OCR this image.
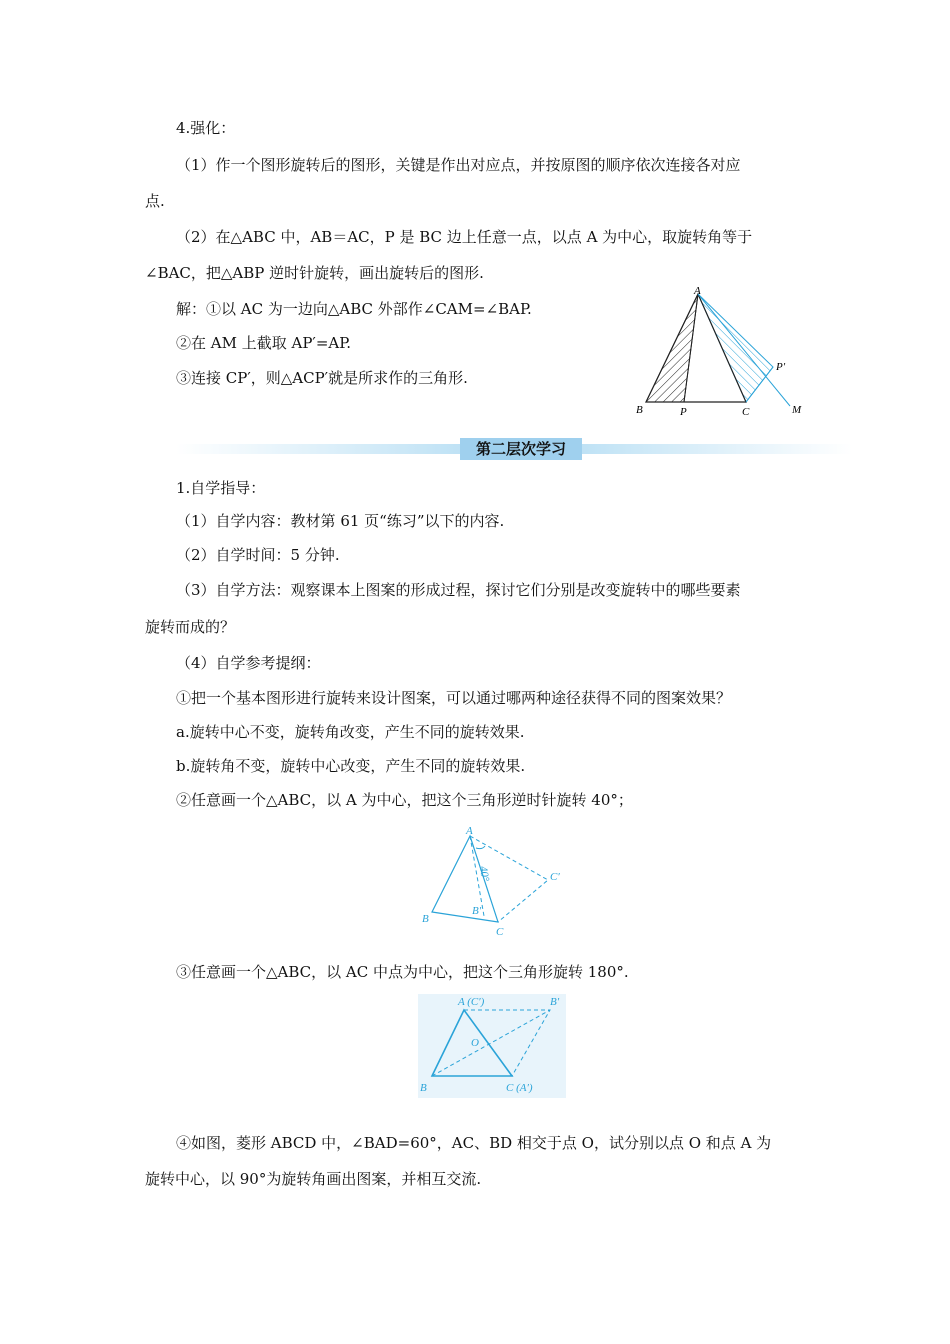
4.强化：
（1）作一个图形旋转后的图形，关键是作出对应点，并按原图的顺序依次连接各对应
点.
（2）在△ABC 中，AB＝AC，P 是 BC 边上任意一点，以点 A 为中心，取旋转角等于
∠BAC，把△ABP 逆时针旋转，画出旋转后的图形.
解：①以 AC 为一边向△ABC 外部作∠CAM=∠BAP.
②在 AM 上截取 AP′=AP.
③连接 CP′，则△ACP′就是所求作的三角形.
A
B	P	C
P′
M
第二层次学习
1.自学指导：
（1）自学内容：教材第 61 页“练习”以下的内容.
（2）自学时间：5 分钟.
（3）自学方法：观察课本上图案的形成过程，探讨它们分别是改变旋转中的哪些要素
旋转而成的？
（4）自学参考提纲：
①把一个基本图形进行旋转来设计图案，可以通过哪两种途径获得不同的图案效果？
a.旋转中心不变，旋转角改变，产生不同的旋转效果.
b.旋转角不变，旋转中心改变，产生不同的旋转效果.
②任意画一个△ABC，以 A 为中心，把这个三角形逆时针旋转 40°；
A
B
C
B′
C′
40°
③任意画一个△ABC，以 AC 中点为中心，把这个三角形旋转 180°.
A (C′)	B′
O
B	C (A′)
④如图，菱形 ABCD 中，∠BAD=60°，AC、BD 相交于点 O，试分别以点 O 和点 A 为
旋转中心，以 90°为旋转角画出图案，并相互交流.
